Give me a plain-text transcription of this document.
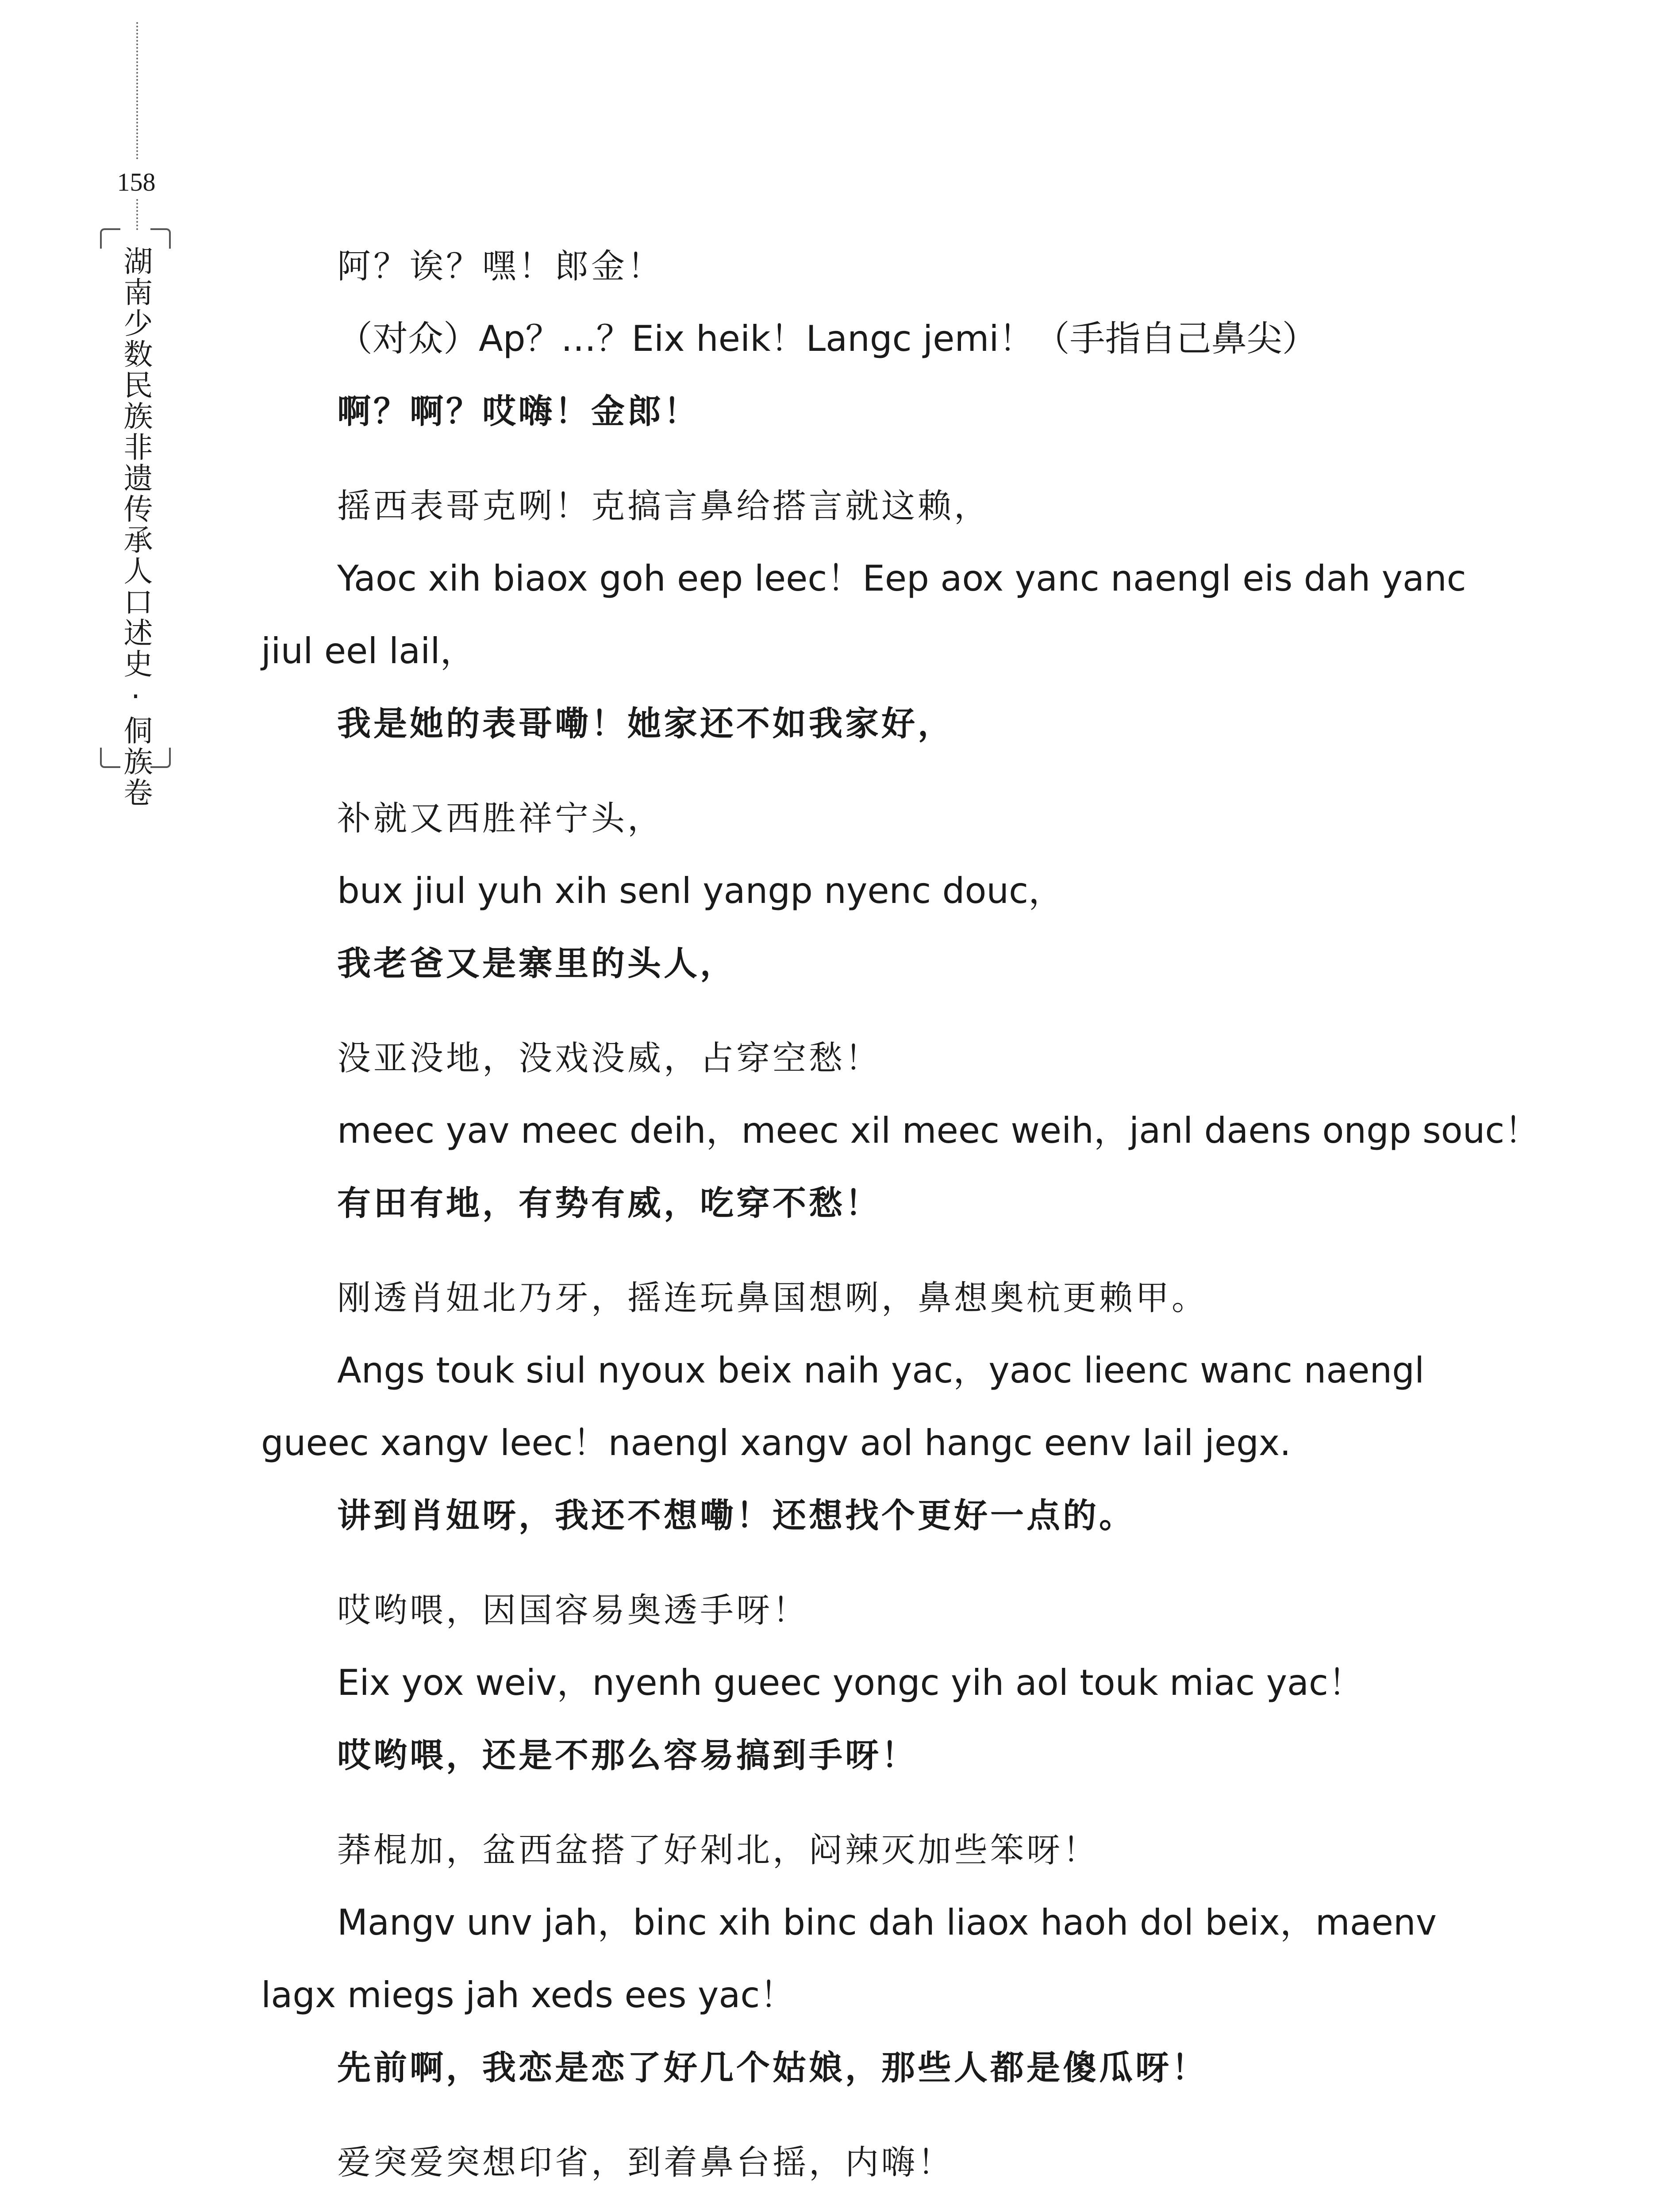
158
湖南少数民族非遗传承人口述史·侗族卷	阿？诶？嘿！郎金！
（对众）Ap？…？Eix heik！Langc jemi！（手指自己鼻尖）
啊？啊？哎嗨！金郎！
摇西表哥克咧！克搞言鼻给搭言就这赖，
Yaoc xih biaox goh eep leec！Eep aox yanc naengl eis dah yanc jiul eel lail，
我是她的表哥嘞！她家还不如我家好，
补就又西胜祥宁头，
bux jiul yuh xih senl yangp nyenc douc，
我老爸又是寨里的头人，
没亚没地，没戏没威，占穿空愁！
meec yav meec deih，meec xil meec weih，janl daens ongp souc！
有田有地，有势有威，吃穿不愁！
刚透肖妞北乃牙，摇连玩鼻国想咧，鼻想奥杭更赖甲。
Angs touk siul nyoux beix naih yac，yaoc lieenc wanc naengl gueec xangv leec！naengl xangv aol hangc eenv lail jegx.
讲到肖妞呀，我还不想嘞！还想找个更好一点的。
哎哟喂，因国容易奥透手呀！
Eix yox weiv，nyenh gueec yongc yih aol touk miac yac！
哎哟喂，还是不那么容易搞到手呀！
莽棍加，盆西盆搭了好剁北，闷辣灭加些笨呀！
Mangv unv jah，binc xih binc dah liaox haoh dol beix，maenv lagx miegs jah xeds ees yac！
先前啊，我恋是恋了好几个姑娘，那些人都是傻瓜呀！
爱突爱突想印省，到着鼻台摇，内嗨！
